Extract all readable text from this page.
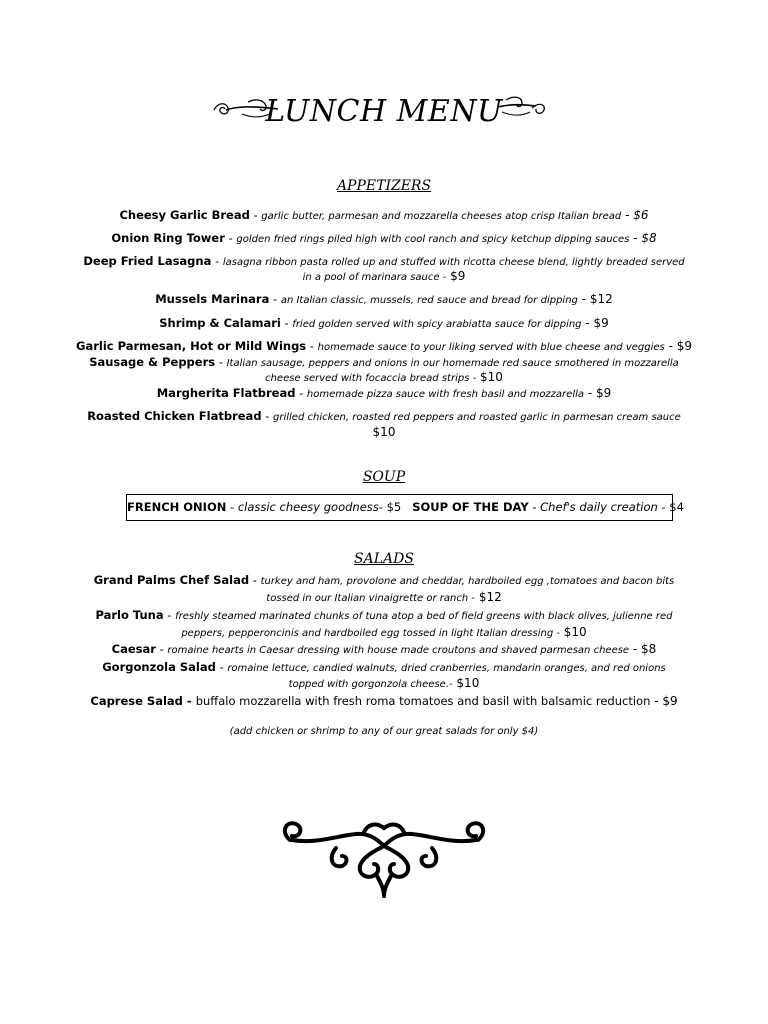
LUNCH MENU
APPETIZERS
Cheesy Garlic Bread - garlic butter, parmesan and mozzarella cheeses atop crisp Italian bread - $6
Onion Ring Tower - golden fried rings piled high with cool ranch and spicy ketchup dipping sauces - $8
Deep Fried Lasagna - lasagna ribbon pasta rolled up and stuffed with ricotta cheese blend, lightly breaded served
in a pool of marinara sauce - $9
Mussels Marinara - an Italian classic, mussels, red sauce and bread for dipping - $12
Shrimp & Calamari - fried golden served with spicy arabiatta sauce for dipping - $9
Garlic Parmesan, Hot or Mild Wings - homemade sauce to your liking served with blue cheese and veggies - $9
Sausage & Peppers - Italian sausage, peppers and onions in our homemade red sauce smothered in mozzarella
cheese served with focaccia bread strips - $10
Margherita Flatbread - homemade pizza sauce with fresh basil and mozzarella - $9
Roasted Chicken Flatbread - grilled chicken, roasted red peppers and roasted garlic in parmesan cream sauce
$10
SOUP
FRENCH ONION - classic cheesy goodness- $5 SOUP OF THE DAY - Chef's daily creation - $4
SALADS
Grand Palms Chef Salad - turkey and ham, provolone and cheddar, hardboiled egg ,tomatoes and bacon bits
tossed in our Italian vinaigrette or ranch - $12
Parlo Tuna - freshly steamed marinated chunks of tuna atop a bed of field greens with black olives, julienne red
peppers, pepperoncinis and hardboiled egg tossed in light Italian dressing - $10
Caesar - romaine hearts in Caesar dressing with house made croutons and shaved parmesan cheese - $8
Gorgonzola Salad - romaine lettuce, candied walnuts, dried cranberries, mandarin oranges, and red onions
topped with gorgonzola cheese.- $10
Caprese Salad - buffalo mozzarella with fresh roma tomatoes and basil with balsamic reduction - $9
(add chicken or shrimp to any of our great salads for only $4)
